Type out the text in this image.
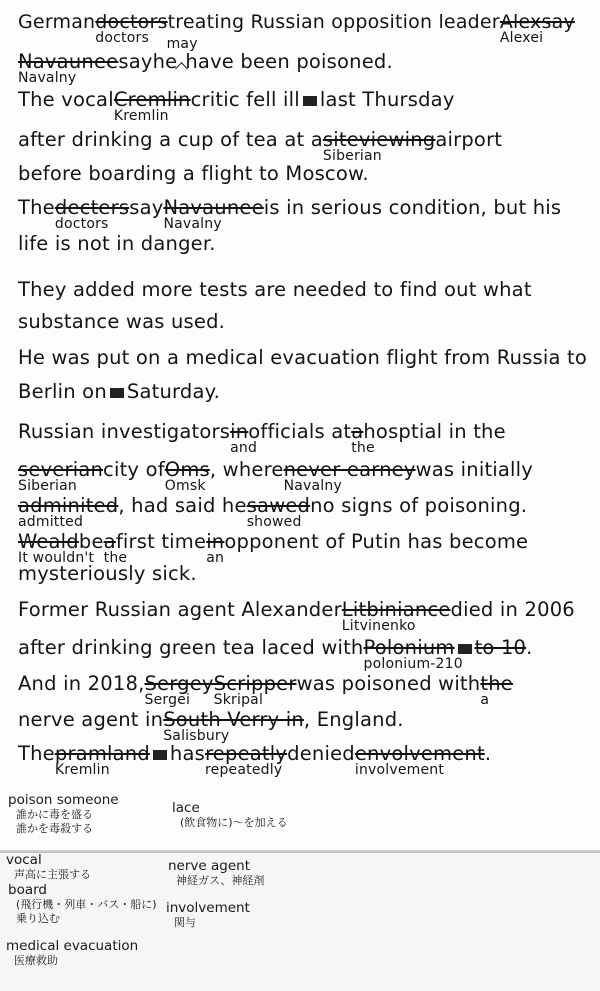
Germandoctors
doctors
treating Russian opposition leaderAlexsay
Alexei
Navaunee
Navalny
sayhe
may
have been poisoned.
The vocalCremlin
Kremlin
critic fell illlast Thursday
after drinking a cup of tea at asiteviewing
Siberian
airport
before boarding a flight to Moscow.
Thedecters
doctors
sayNavaunee
Navalny
is in serious condition, but his
life is not in danger.
They added more tests are needed to find out what
substance was used.
He was put on a medical evacuation flight from Russia to
Berlin onSaturday.
Russian investigatorsin
and
officials ata
the
hosptial in the
severian
Siberian
city ofOms
Omsk
, wherenever earney
Navalny
was initially
adminited
admitted
, had said hesawed
showed
no signs of poisoning.
Weald
It wouldn't
bea
the
first timein
an
opponent of Putin has become
mysteriously sick.
Former Russian agent AlexanderLitbiniance
Litvinenko
died in 2006
after drinking green tea laced withPolonium
polonium-210
to 10.
And in 2018,Sergey
Sergei
Scripper
Skripal
was poisoned withthe
a
nerve agent inSouth Verry in
Salisbury
, England.
Thepramland
Kremlin
hasrepeatly
repeatedly
deniedenvolvement
involvement
.
poison someone
誰かに毒を盛る
誰かを毒殺する
lace
(飲食物に)～を加える
vocal
声高に主張する
nerve agent
神経ガス、神経剤
board
(飛行機・列車・バス・船に)
乗り込む
involvement
関与
medical evacuation
医療救助
